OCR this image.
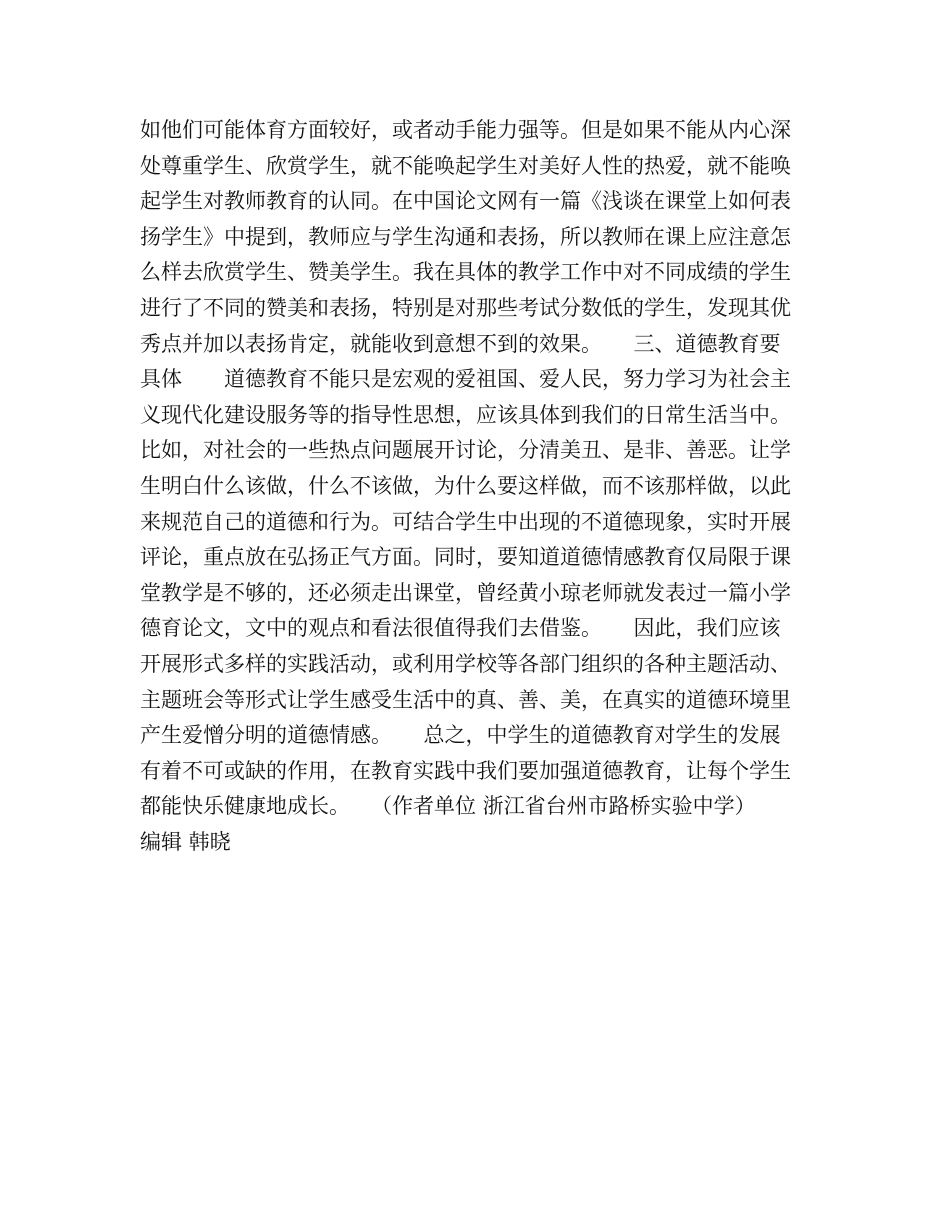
如他们可能体育方面较好，或者动手能力强等。但是如果不能从内心深
处尊重学生、欣赏学生，就不能唤起学生对美好人性的热爱，就不能唤
起学生对教师教育的认同。在中国论文网有一篇《浅谈在课堂上如何表
扬学生》中提到，教师应与学生沟通和表扬，所以教师在课上应注意怎
么样去欣赏学生、赞美学生。我在具体的教学工作中对不同成绩的学生
进行了不同的赞美和表扬，特别是对那些考试分数低的学生，发现其优
秀点并加以表扬肯定，就能收到意想不到的效果。　　三、道德教育要
具体　　道德教育不能只是宏观的爱祖国、爱人民，努力学习为社会主
义现代化建设服务等的指导性思想，应该具体到我们的日常生活当中。
比如，对社会的一些热点问题展开讨论，分清美丑、是非、善恶。让学
生明白什么该做，什么不该做，为什么要这样做，而不该那样做，以此
来规范自己的道德和行为。可结合学生中出现的不道德现象，实时开展
评论，重点放在弘扬正气方面。同时，要知道道德情感教育仅局限于课
堂教学是不够的，还必须走出课堂，曾经黄小琼老师就发表过一篇小学
德育论文，文中的观点和看法很值得我们去借鉴。　　因此，我们应该
开展形式多样的实践活动，或利用学校等各部门组织的各种主题活动、
主题班会等形式让学生感受生活中的真、善、美，在真实的道德环境里
产生爱憎分明的道德情感。　　总之，中学生的道德教育对学生的发展
有着不可或缺的作用，在教育实践中我们要加强道德教育，让每个学生
都能快乐健康地成长。　　（作者单位 浙江省台州市路桥实验中学）
编辑 韩晓
